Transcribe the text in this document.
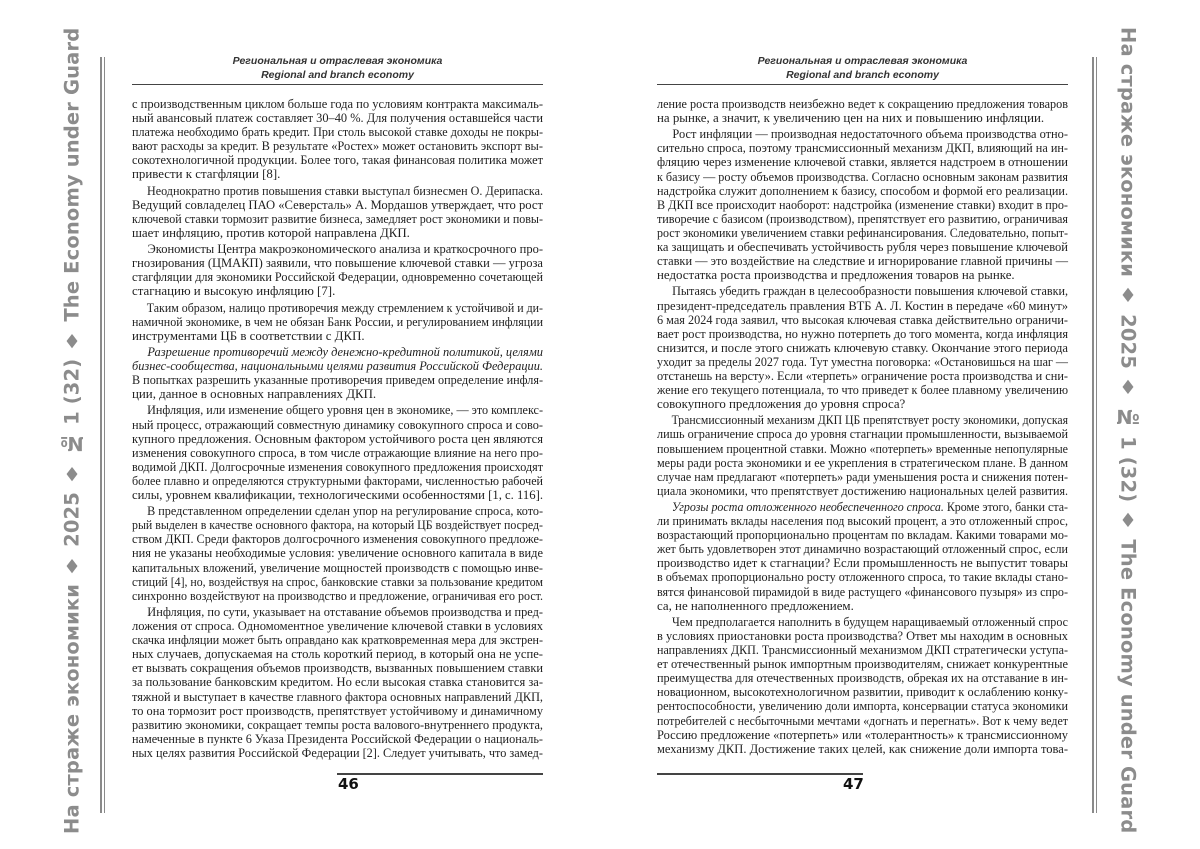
На страже экономики ♦ 2025 ♦ № 1 (32) ♦ The Economy under Guard	На страже экономики ♦ 2025 ♦ № 1 (32) ♦ The Economy under Guard
Региональная и отраслевая экономика
Regional and branch economy
с производственным циклом больше года по условиям контракта максималь-
ный авансовый платеж составляет 30–40 %. Для получения оставшейся части
платежа необходимо брать кредит. При столь высокой ставке доходы не покры-
вают расходы за кредит. В результате «Ростех» может остановить экспорт вы-
сокотехнологичной продукции. Более того, такая финансовая политика может
привести к стагфляции [8].
Неоднократно против повышения ставки выступал бизнесмен О. Дерипаска.
Ведущий совладелец ПАО «Северсталь» А. Мордашов утверждает, что рост
ключевой ставки тормозит развитие бизнеса, замедляет рост экономики и повы-
шает инфляцию, против которой направлена ДКП.
Экономисты Центра макроэкономического анализа и краткосрочного про-
гнозирования (ЦМАКП) заявили, что повышение ключевой ставки — угроза
стагфляции для экономики Российской Федерации, одновременно сочетающей
стагнацию и высокую инфляцию [7].
Таким образом, налицо противоречия между стремлением к устойчивой и ди-
намичной экономике, в чем не обязан Банк России, и регулированием инфляции
инструментами ЦБ в соответствии с ДКП.
Разрешение противоречий между денежно-кредитной политикой, целями
бизнес-сообщества, национальными целями развития Российской Федерации.
В попытках разрешить указанные противоречия приведем определение инфля-
ции, данное в основных направлениях ДКП.
Инфляция, или изменение общего уровня цен в экономике, — это комплекс-
ный процесс, отражающий совместную динамику совокупного спроса и сово-
купного предложения. Основным фактором устойчивого роста цен являются
изменения совокупного спроса, в том числе отражающие влияние на него про-
водимой ДКП. Долгосрочные изменения совокупного предложения происходят
более плавно и определяются структурными факторами, численностью рабочей
силы, уровнем квалификации, технологическими особенностями [1, с. 116].
В представленном определении сделан упор на регулирование спроса, кото-
рый выделен в качестве основного фактора, на который ЦБ воздействует посред-
ством ДКП. Среди факторов долгосрочного изменения совокупного предложе-
ния не указаны необходимые условия: увеличение основного капитала в виде
капитальных вложений, увеличение мощностей производств с помощью инве-
стиций [4], но, воздействуя на спрос, банковские ставки за пользование кредитом
синхронно воздействуют на производство и предложение, ограничивая его рост.
Инфляция, по сути, указывает на отставание объемов производства и пред-
ложения от спроса. Одномоментное увеличение ключевой ставки в условиях
скачка инфляции может быть оправдано как кратковременная мера для экстрен-
ных случаев, допускаемая на столь короткий период, в который она не успе-
ет вызвать сокращения объемов производств, вызванных повышением ставки
за пользование банковским кредитом. Но если высокая ставка становится за-
тяжной и выступает в качестве главного фактора основных направлений ДКП,
то она тормозит рост производств, препятствует устойчивому и динамичному
развитию экономики, сокращает темпы роста валового-внутреннего продукта,
намеченные в пункте 6 Указа Президента Российской Федерации о националь-
ных целях развития Российской Федерации [2]. Следует учитывать, что замед-
46
Региональная и отраслевая экономика
Regional and branch economy
ление роста производств неизбежно ведет к сокращению предложения товаров
на рынке, а значит, к увеличению цен на них и повышению инфляции.
Рост инфляции — производная недостаточного объема производства отно-
сительно спроса, поэтому трансмиссионный механизм ДКП, влияющий на ин-
фляцию через изменение ключевой ставки, является надстроем в отношении
к базису — росту объемов производства. Согласно основным законам развития
надстройка служит дополнением к базису, способом и формой его реализации.
В ДКП все происходит наоборот: надстройка (изменение ставки) входит в про-
тиворечие с базисом (производством), препятствует его развитию, ограничивая
рост экономики увеличением ставки рефинансирования. Следовательно, попыт-
ка защищать и обеспечивать устойчивость рубля через повышение ключевой
ставки — это воздействие на следствие и игнорирование главной причины —
недостатка роста производства и предложения товаров на рынке.
Пытаясь убедить граждан в целесообразности повышения ключевой ставки,
президент-председатель правления ВТБ А. Л. Костин в передаче «60 минут»
6 мая 2024 года заявил, что высокая ключевая ставка действительно ограничи-
вает рост производства, но нужно потерпеть до того момента, когда инфляция
снизится, и после этого снижать ключевую ставку. Окончание этого периода
уходит за пределы 2027 года. Тут уместна поговорка: «Остановишься на шаг —
отстанешь на версту». Если «терпеть» ограничение роста производства и сни-
жение его текущего потенциала, то что приведет к более плавному увеличению
совокупного предложения до уровня спроса?
Трансмиссионный механизм ДКП ЦБ препятствует росту экономики, допуская
лишь ограничение спроса до уровня стагнации промышленности, вызываемой
повышением процентной ставки. Можно «потерпеть» временные непопулярные
меры ради роста экономики и ее укрепления в стратегическом плане. В данном
случае нам предлагают «потерпеть» ради уменьшения роста и снижения потен-
циала экономики, что препятствует достижению национальных целей развития.
Угрозы роста отложенного необеспеченного спроса. Кроме этого, банки ста-
ли принимать вклады населения под высокий процент, а это отложенный спрос,
возрастающий пропорционально процентам по вкладам. Какими товарами мо-
жет быть удовлетворен этот динамично возрастающий отложенный спрос, если
производство идет к стагнации? Если промышленность не выпустит товары
в объемах пропорционально росту отложенного спроса, то такие вклады стано-
вятся финансовой пирамидой в виде растущего «финансового пузыря» из спро-
са, не наполненного предложением.
Чем предполагается наполнить в будущем наращиваемый отложенный спрос
в условиях приостановки роста производства? Ответ мы находим в основных
направлениях ДКП. Трансмиссионный механизмом ДКП стратегически уступа-
ет отечественный рынок импортным производителям, снижает конкурентные
преимущества для отечественных производств, обрекая их на отставание в ин-
новационном, высокотехнологичном развитии, приводит к ослаблению конку-
рентоспособности, увеличению доли импорта, консервации статуса экономики
потребителей с несбыточными мечтами «догнать и перегнать». Вот к чему ведет
Россию предложение «потерпеть» или «толерантность» к трансмиссионному
механизму ДКП. Достижение таких целей, как снижение доли импорта това-
47
